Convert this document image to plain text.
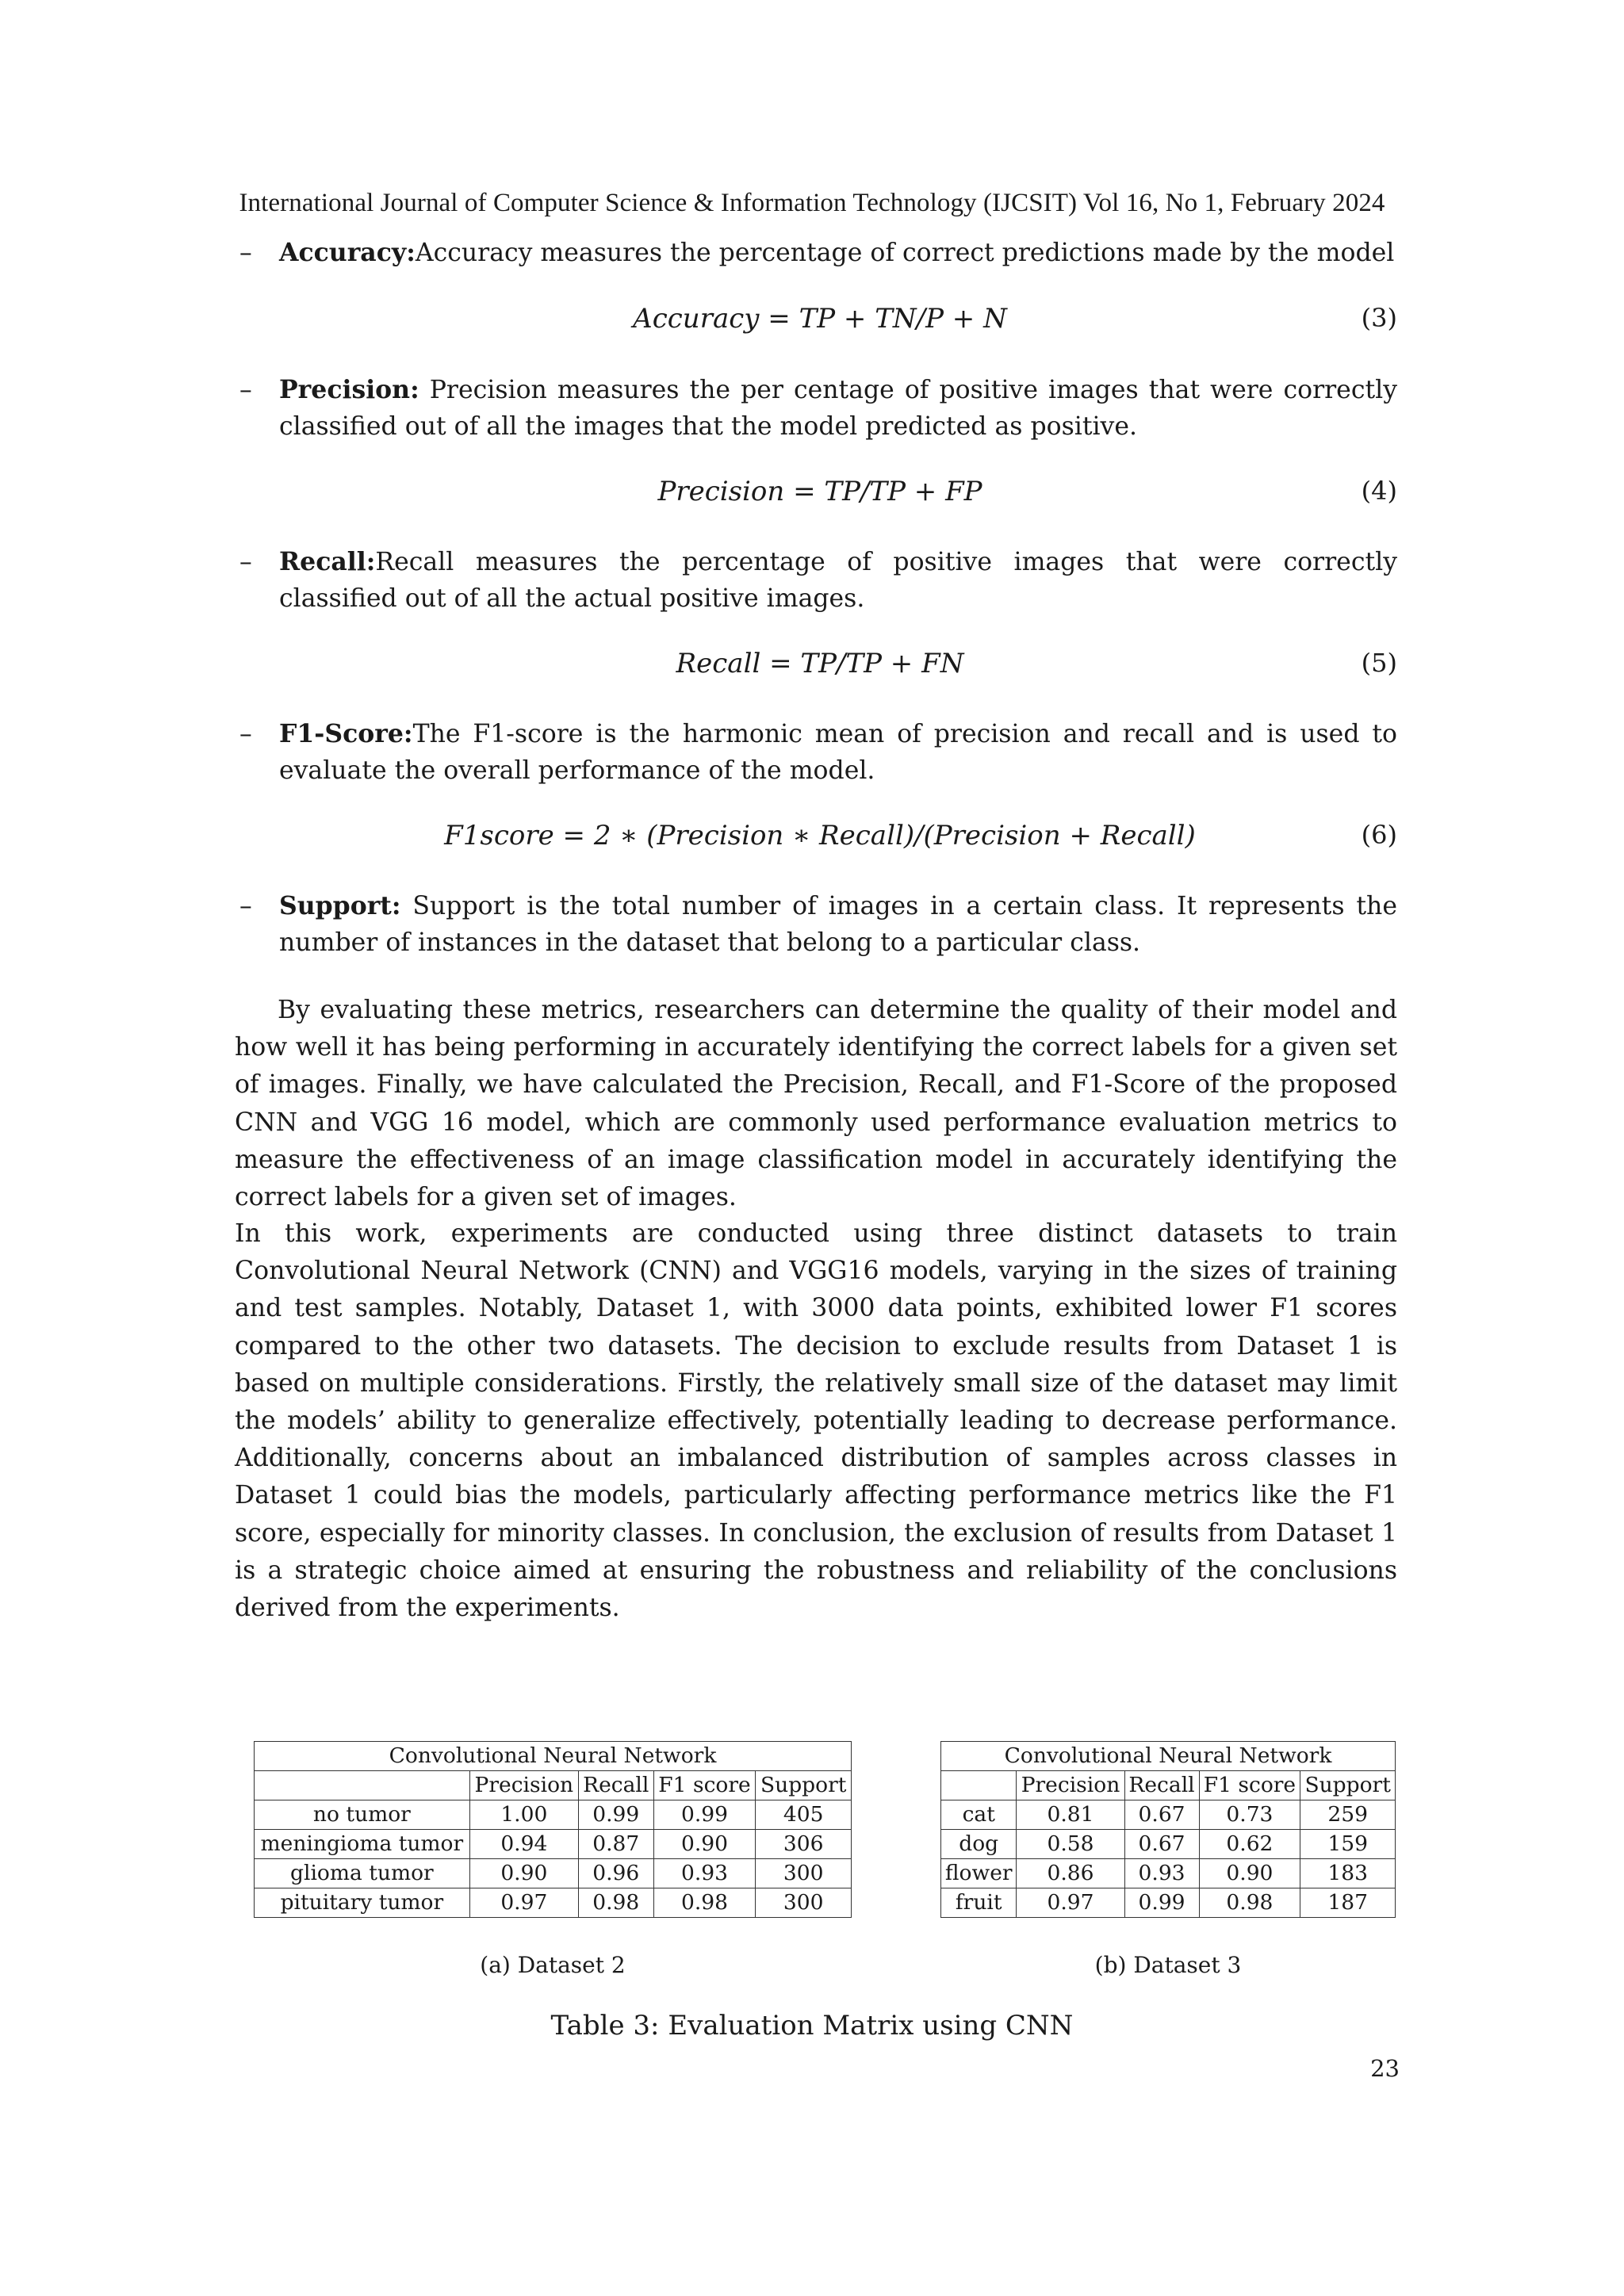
International Journal of Computer Science & Information Technology (IJCSIT) Vol 16, No 1, February 2024
– Accuracy:Accuracy measures the percentage of correct predictions made by the model
Accuracy = TP + TN/P + N	(3)
– Precision: Precision measures the per centage of positive images that were correctly classified out of all the images that the model predicted as positive.
Precision = TP/TP + FP	(4)
– Recall:Recall measures the percentage of positive images that were correctly classified out of all the actual positive images.
Recall = TP/TP + FN	(5)
– F1-Score:The F1-score is the harmonic mean of precision and recall and is used to evaluate the overall performance of the model.
F1score = 2 ∗ (Precision ∗ Recall)/(Precision + Recall)	(6)
– Support: Support is the total number of images in a certain class. It represents the number of instances in the dataset that belong to a particular class.
By evaluating these metrics, researchers can determine the quality of their model and how well it has being performing in accurately identifying the correct labels for a given set of images. Finally, we have calculated the Precision, Recall, and F1-Score of the proposed CNN and VGG 16 model, which are commonly used performance evaluation metrics to measure the effectiveness of an image classification model in accurately identifying the correct labels for a given set of images.
In this work, experiments are conducted using three distinct datasets to train Convolutional Neural Network (CNN) and VGG16 models, varying in the sizes of training and test samples. Notably, Dataset 1, with 3000 data points, exhibited lower F1 scores compared to the other two datasets. The decision to exclude results from Dataset 1 is based on multiple considerations. Firstly, the relatively small size of the dataset may limit the models’ ability to generalize effectively, potentially leading to decrease performance. Additionally, concerns about an imbalanced distribution of samples across classes in Dataset 1 could bias the models, particularly affecting performance metrics like the F1 score, especially for minority classes. In conclusion, the exclusion of results from Dataset 1 is a strategic choice aimed at ensuring the robustness and reliability of the conclusions derived from the experiments.
Convolutional Neural Network				
	Precision	Recall	F1 score	Support
no tumor	1.00	0.99	0.99	405
meningioma tumor	0.94	0.87	0.90	306
glioma tumor	0.90	0.96	0.93	300
pituitary tumor	0.97	0.98	0.98	300
(a) Dataset 2
Convolutional Neural Network				
	Precision	Recall	F1 score	Support
cat	0.81	0.67	0.73	259
dog	0.58	0.67	0.62	159
flower	0.86	0.93	0.90	183
fruit	0.97	0.99	0.98	187
(b) Dataset 3
Table 3: Evaluation Matrix using CNN
23
